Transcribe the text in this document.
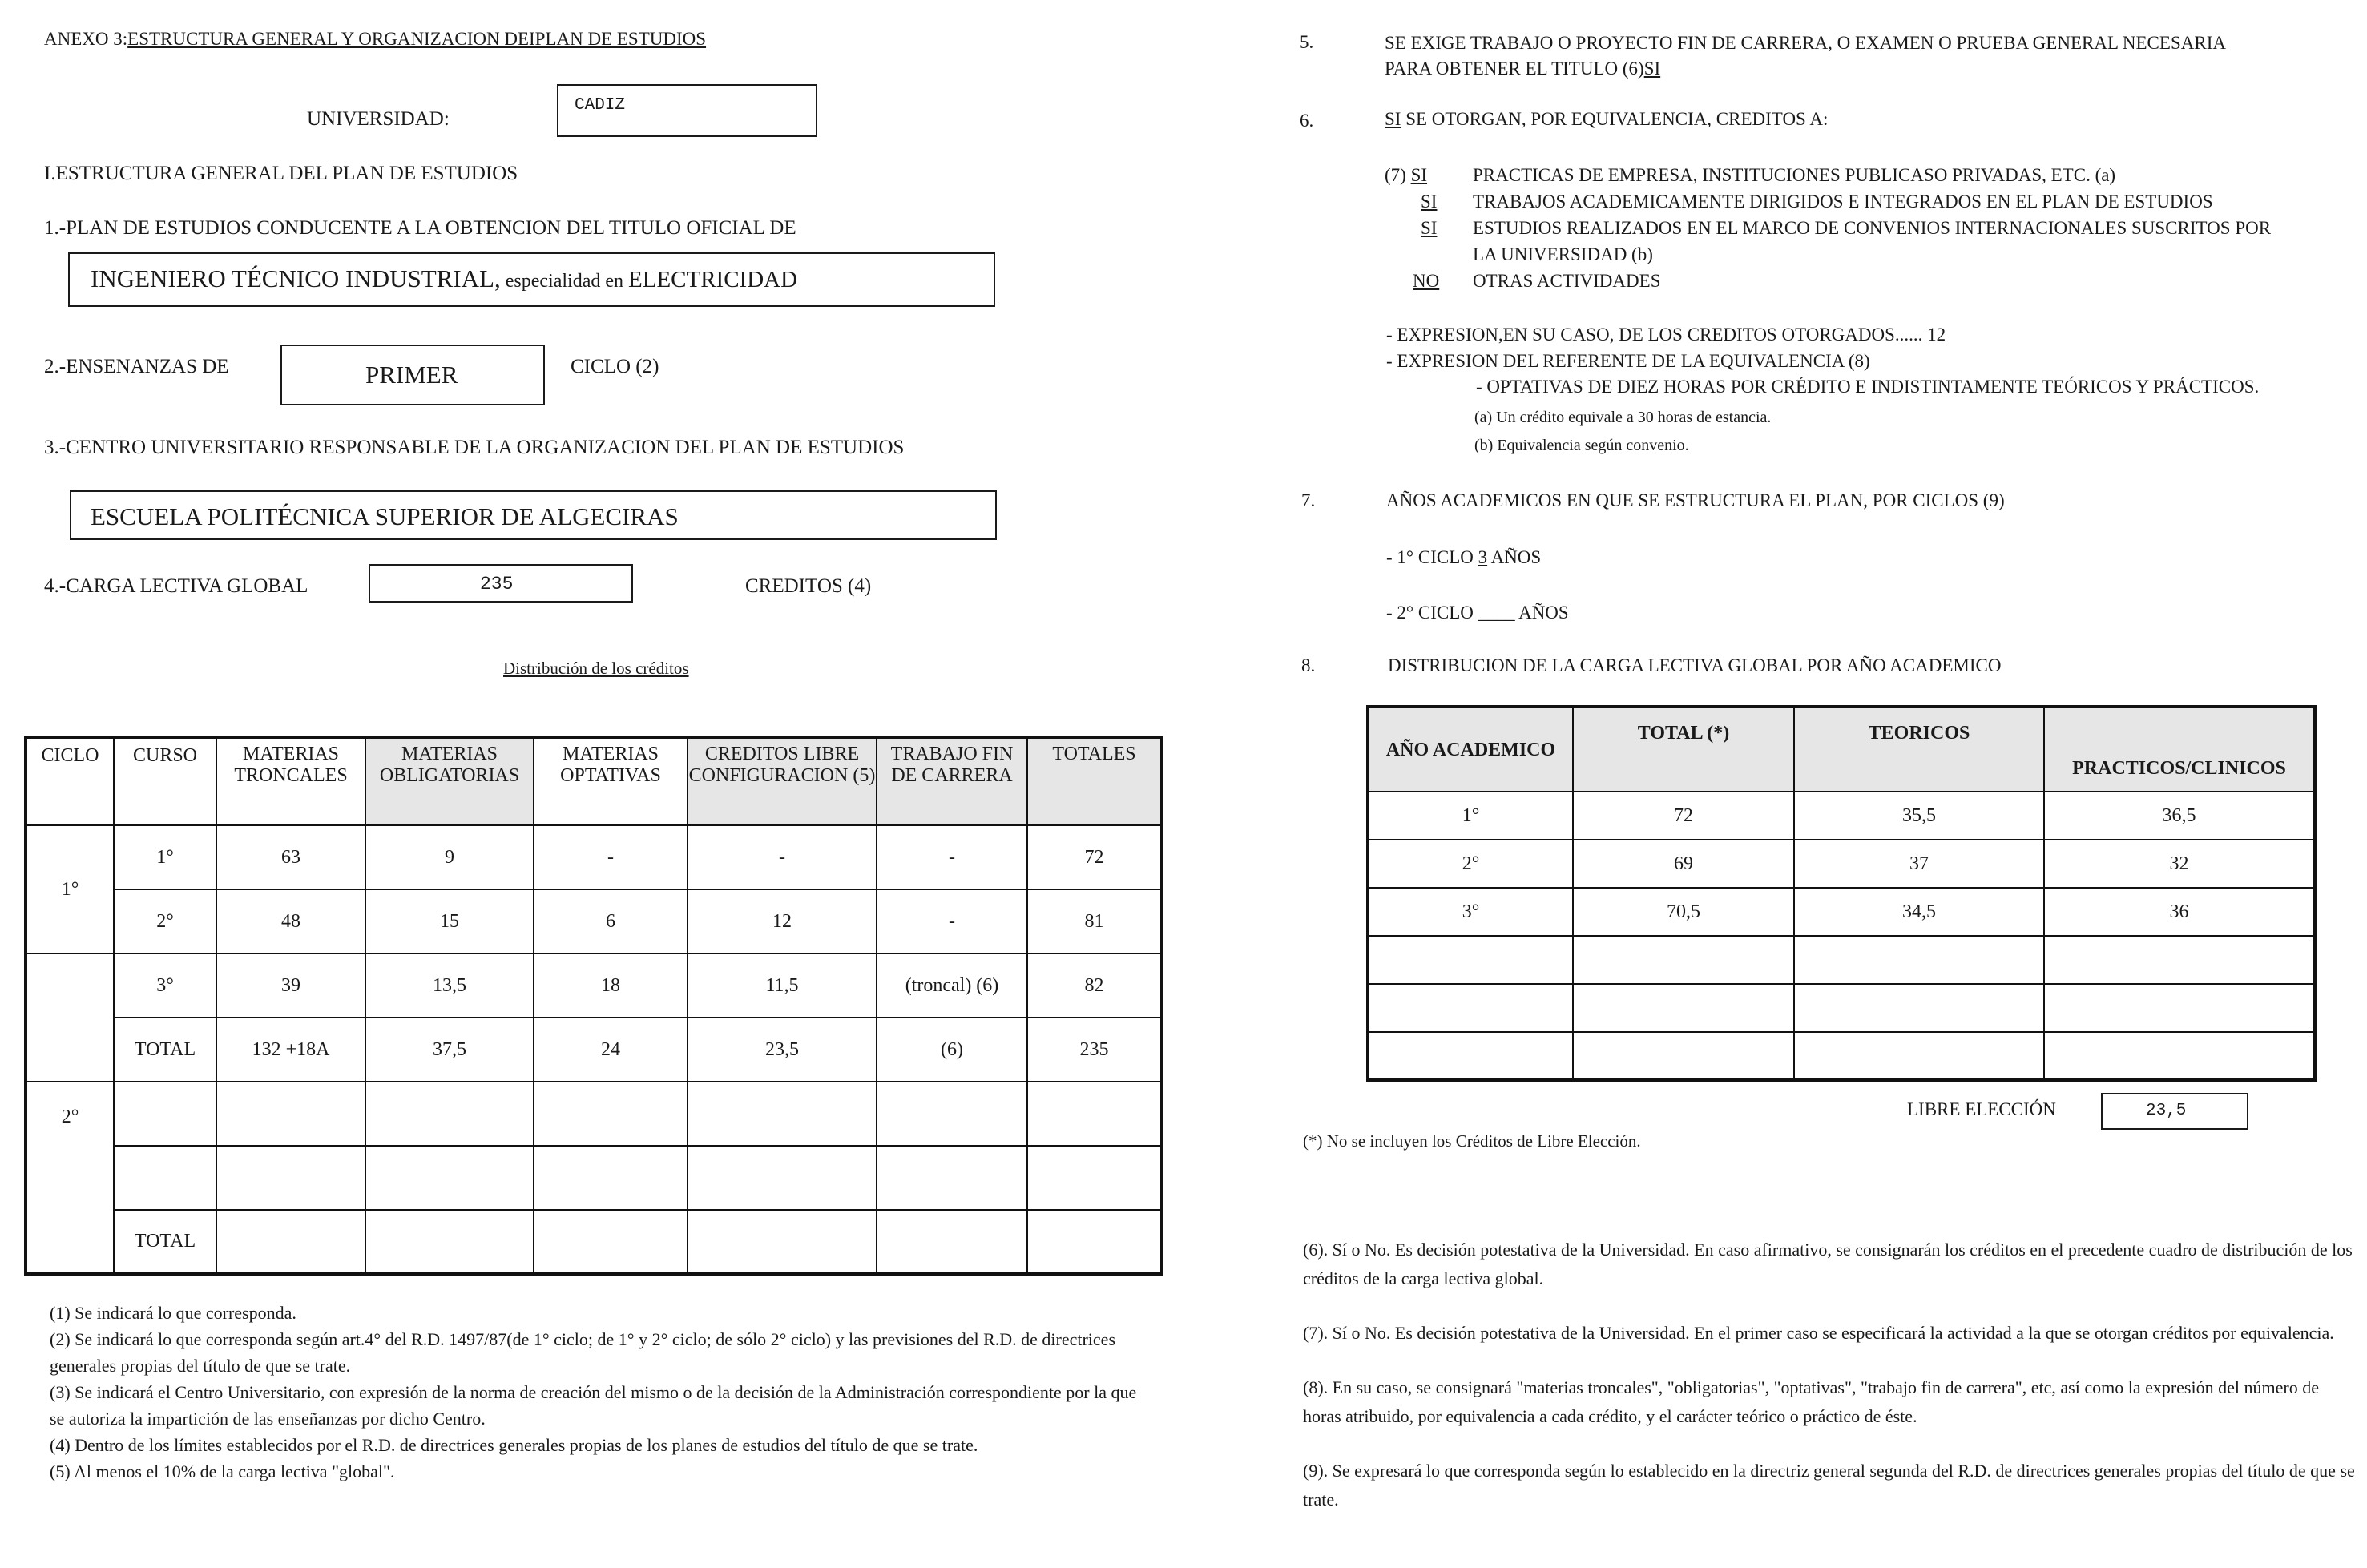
ANEXO 3:ESTRUCTURA GENERAL Y ORGANIZACION DEIPLAN DE ESTUDIOS
UNIVERSIDAD:
CADIZ
I.ESTRUCTURA GENERAL DEL PLAN DE ESTUDIOS
1.-PLAN DE ESTUDIOS CONDUCENTE A LA OBTENCION DEL TITULO OFICIAL DE
INGENIERO TÉCNICO INDUSTRIAL, especialidad en ELECTRICIDAD
2.-ENSENANZAS DE	PRIMER	CICLO (2)
3.-CENTRO UNIVERSITARIO RESPONSABLE DE LA ORGANIZACION DEL PLAN DE ESTUDIOS
ESCUELA POLITÉCNICA SUPERIOR DE ALGECIRAS
4.-CARGA LECTIVA GLOBAL	235	CREDITOS (4)
Distribución de los créditos
CICLO	CURSO	MATERIAS TRONCALES	MATERIAS OBLIGATORIAS	MATERIAS OPTATIVAS	CREDITOS LIBRE CONFIGURACION (5)	TRABAJO FIN DE CARRERA	TOTALES
1°	1°	63	9	-	-	-	72
	2°	48	15	6	12	-	81
	3°	39	13,5	18	11,5	(troncal) (6)	82
	TOTAL	132 +18A	37,5	24	23,5	(6)	235
2°							

	TOTAL						
(1) Se indicará lo que corresponda.
(2) Se indicará lo que corresponda según art.4° del R.D. 1497/87(de 1° ciclo; de 1° y 2° ciclo; de sólo 2° ciclo) y las previsiones del R.D. de directrices generales propias del título de que se trate.
(3) Se indicará el Centro Universitario, con expresión de la norma de creación del mismo o de la decisión de la Administración correspondiente por la que se autoriza la impartición de las enseñanzas por dicho Centro.
(4) Dentro de los límites establecidos por el R.D. de directrices generales propias de los planes de estudios del título de que se trate.
(5) Al menos el 10% de la carga lectiva "global".
5.	SE EXIGE TRABAJO O PROYECTO FIN DE CARRERA, O EXAMEN O PRUEBA GENERAL NECESARIA
PARA OBTENER EL TITULO (6)SI
6.	SI SE OTORGAN, POR EQUIVALENCIA, CREDITOS A:
(7) SI PRACTICAS DE EMPRESA, INSTITUCIONES PUBLICASO PRIVADAS, ETC. (a)
SI TRABAJOS ACADEMICAMENTE DIRIGIDOS E INTEGRADOS EN EL PLAN DE ESTUDIOS
SI ESTUDIOS REALIZADOS EN EL MARCO DE CONVENIOS INTERNACIONALES SUSCRITOS POR
LA UNIVERSIDAD (b)
NO OTRAS ACTIVIDADES
- EXPRESION,EN SU CASO, DE LOS CREDITOS OTORGADOS...... 12
- EXPRESION DEL REFERENTE DE LA EQUIVALENCIA (8)
- OPTATIVAS DE DIEZ HORAS POR CRÉDITO E INDISTINTAMENTE TEÓRICOS Y PRÁCTICOS.
(a) Un crédito equivale a 30 horas de estancia.
(b) Equivalencia según convenio.
7.	AÑOS ACADEMICOS EN QUE SE ESTRUCTURA EL PLAN, POR CICLOS (9)
- 1° CICLO 3 AÑOS
- 2° CICLO ____ AÑOS
8.	DISTRIBUCION DE LA CARGA LECTIVA GLOBAL POR AÑO ACADEMICO
AÑO ACADEMICO	TOTAL (*)	TEORICOS	PRACTICOS/CLINICOS
1°	72	35,5	36,5
2°	69	37	32
3°	70,5	34,5	36

LIBRE ELECCIÓN	23,5
(*) No se incluyen los Créditos de Libre Elección.
(6). Sí o No. Es decisión potestativa de la Universidad. En caso afirmativo, se consignarán los créditos en el precedente cuadro de distribución de los créditos de la carga lectiva global.
(7). Sí o No. Es decisión potestativa de la Universidad. En el primer caso se especificará la actividad a la que se otorgan créditos por equivalencia.
(8). En su caso, se consignará "materias troncales", "obligatorias", "optativas", "trabajo fin de carrera", etc, así como la expresión del número de horas atribuido, por equivalencia a cada crédito, y el carácter teórico o práctico de éste.
(9). Se expresará lo que corresponda según lo establecido en la directriz general segunda del R.D. de directrices generales propias del título de que se trate.
